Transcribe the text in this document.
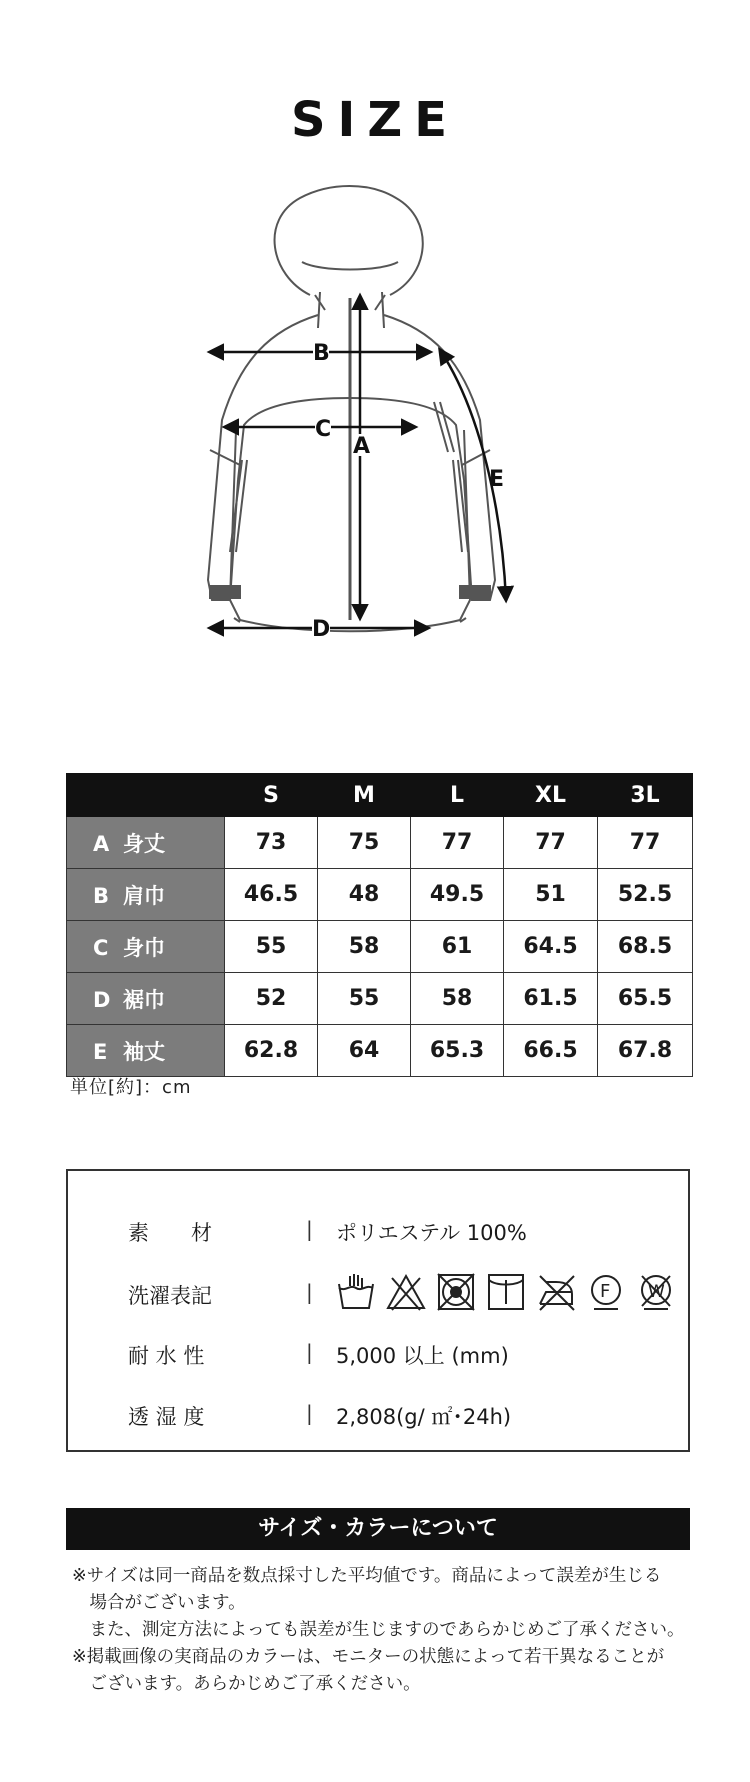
SIZE
B
C
A
D
E
	S	M	L	XL	3L
A 身丈	73	75	77	77	77
B 肩巾	46.5	48	49.5	51	52.5
C 身巾	55	58	61	64.5	68.5
D 裾巾	52	55	58	61.5	65.5
E 袖丈	62.8	64	65.3	66.5	67.8
単位[約]：cm
素　　材	| ポリエステル 100%
洗濯表記	|	F W
耐 水 性	| 5,000 以上 (mm)
透 湿 度	| 2,808(g/ ㎡･24h)
サイズ・カラーについて
※サイズは同一商品を数点採寸した平均値です。商品によって誤差が生じる
　場合がございます。
　また、測定方法によっても誤差が生じますのであらかじめご了承ください。
※掲載画像の実商品のカラーは、モニターの状態によって若干異なることが
　ございます。あらかじめご了承ください。
